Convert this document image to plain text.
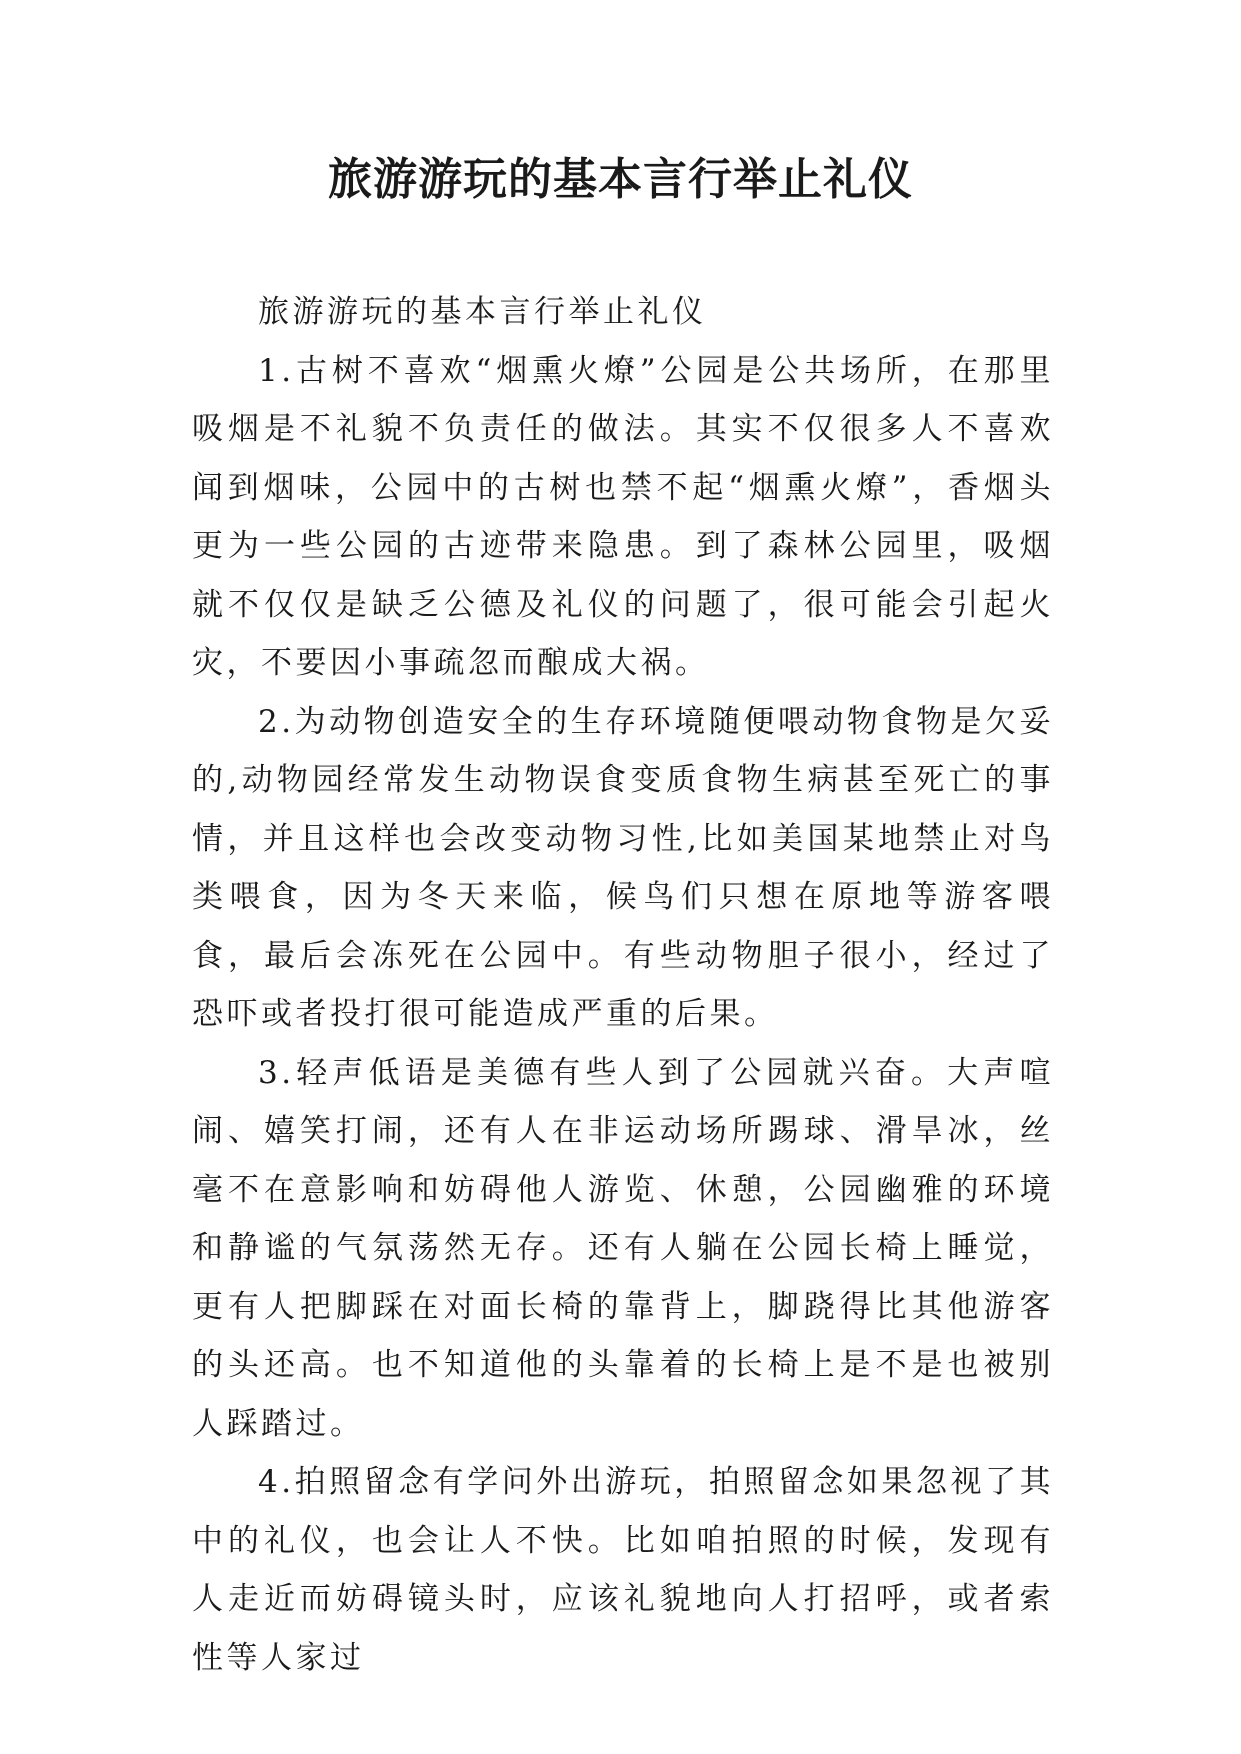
旅游游玩的基本言行举止礼仪

旅游游玩的基本言行举止礼仪

1.古树不喜欢“烟熏火燎”公园是公共场所，在那里吸烟是不礼貌不负责任的做法。其实不仅很多人不喜欢闻到烟味，公园中的古树也禁不起“烟熏火燎”，香烟头更为一些公园的古迹带来隐患。到了森林公园里，吸烟就不仅仅是缺乏公德及礼仪的问题了，很可能会引起火灾，不要因小事疏忽而酿成大祸。

2.为动物创造安全的生存环境随便喂动物食物是欠妥的,动物园经常发生动物误食变质食物生病甚至死亡的事情，并且这样也会改变动物习性,比如美国某地禁止对鸟类喂食，因为冬天来临，候鸟们只想在原地等游客喂食，最后会冻死在公园中。有些动物胆子很小，经过了恐吓或者投打很可能造成严重的后果。

3.轻声低语是美德有些人到了公园就兴奋。大声喧闹、嬉笑打闹，还有人在非运动场所踢球、滑旱冰，丝毫不在意影响和妨碍他人游览、休憩，公园幽雅的环境和静谧的气氛荡然无存。还有人躺在公园长椅上睡觉，更有人把脚踩在对面长椅的靠背上，脚跷得比其他游客的头还高。也不知道他的头靠着的长椅上是不是也被别人踩踏过。

4.拍照留念有学问外出游玩，拍照留念如果忽视了其中的礼仪，也会让人不快。比如咱拍照的时候，发现有人走近而妨碍镜头时，应该礼貌地向人打招呼，或者索性等人家过
